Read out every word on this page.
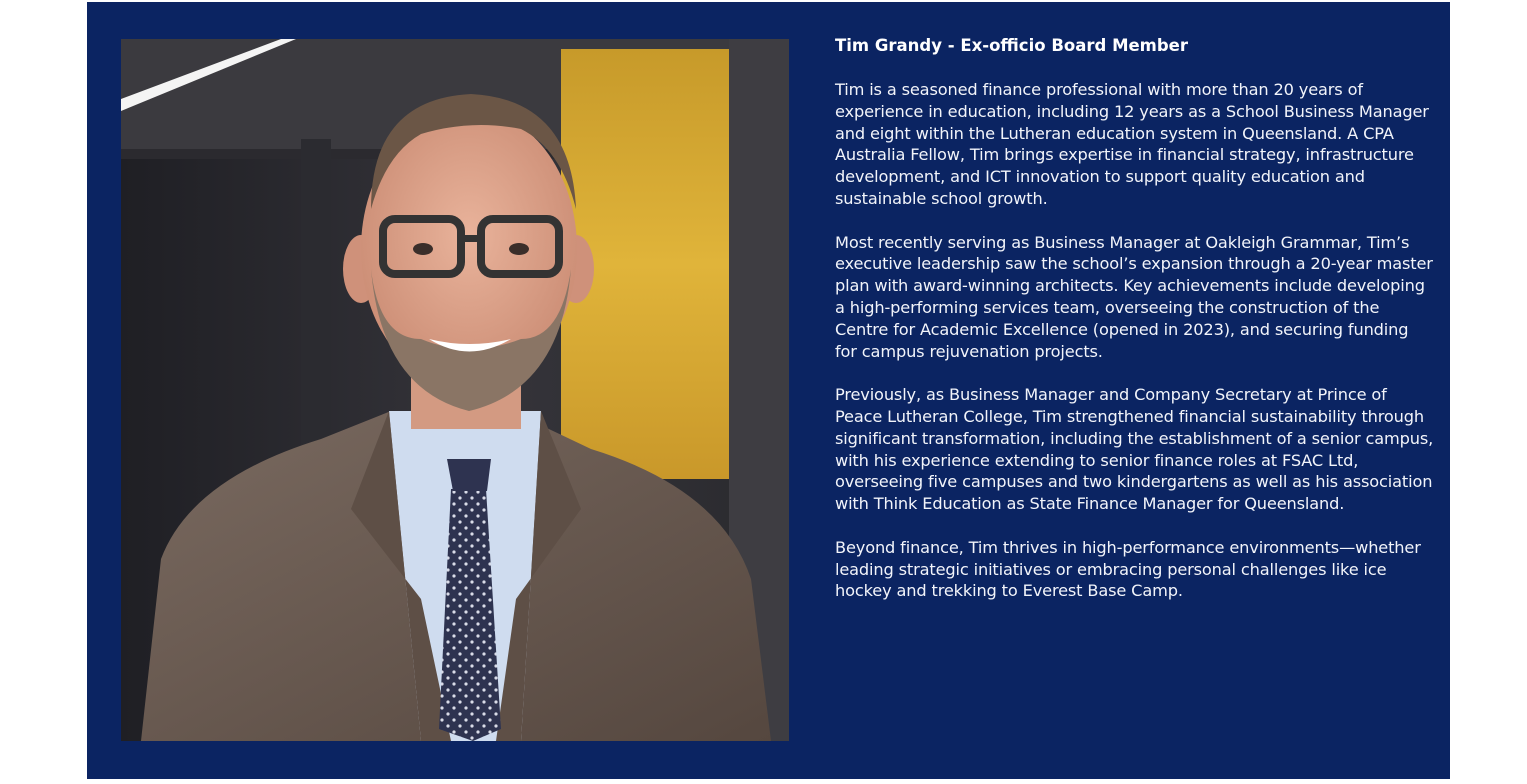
Tim Grandy - Ex-officio Board Member

Tim is a seasoned finance professional with more than 20 years of experience in education, including 12 years as a School Business Manager and eight within the Lutheran education system in Queensland. A CPA Australia Fellow, Tim brings expertise in financial strategy, infrastructure development, and ICT innovation to support quality education and sustainable school growth.

Most recently serving as Business Manager at Oakleigh Grammar, Tim’s executive leadership saw the school’s expansion through a 20-year master plan with award-winning architects. Key achievements include developing a high-performing services team, overseeing the construction of the Centre for Academic Excellence (opened in 2023), and securing funding for campus rejuvenation projects.

Previously, as Business Manager and Company Secretary at Prince of Peace Lutheran College, Tim strengthened financial sustainability through significant transformation, including the establishment of a senior campus, with his experience extending to senior finance roles at FSAC Ltd, overseeing five campuses and two kindergartens as well as his association with Think Education as State Finance Manager for Queensland.

Beyond finance, Tim thrives in high-performance environments—whether leading strategic initiatives or embracing personal challenges like ice hockey and trekking to Everest Base Camp.
